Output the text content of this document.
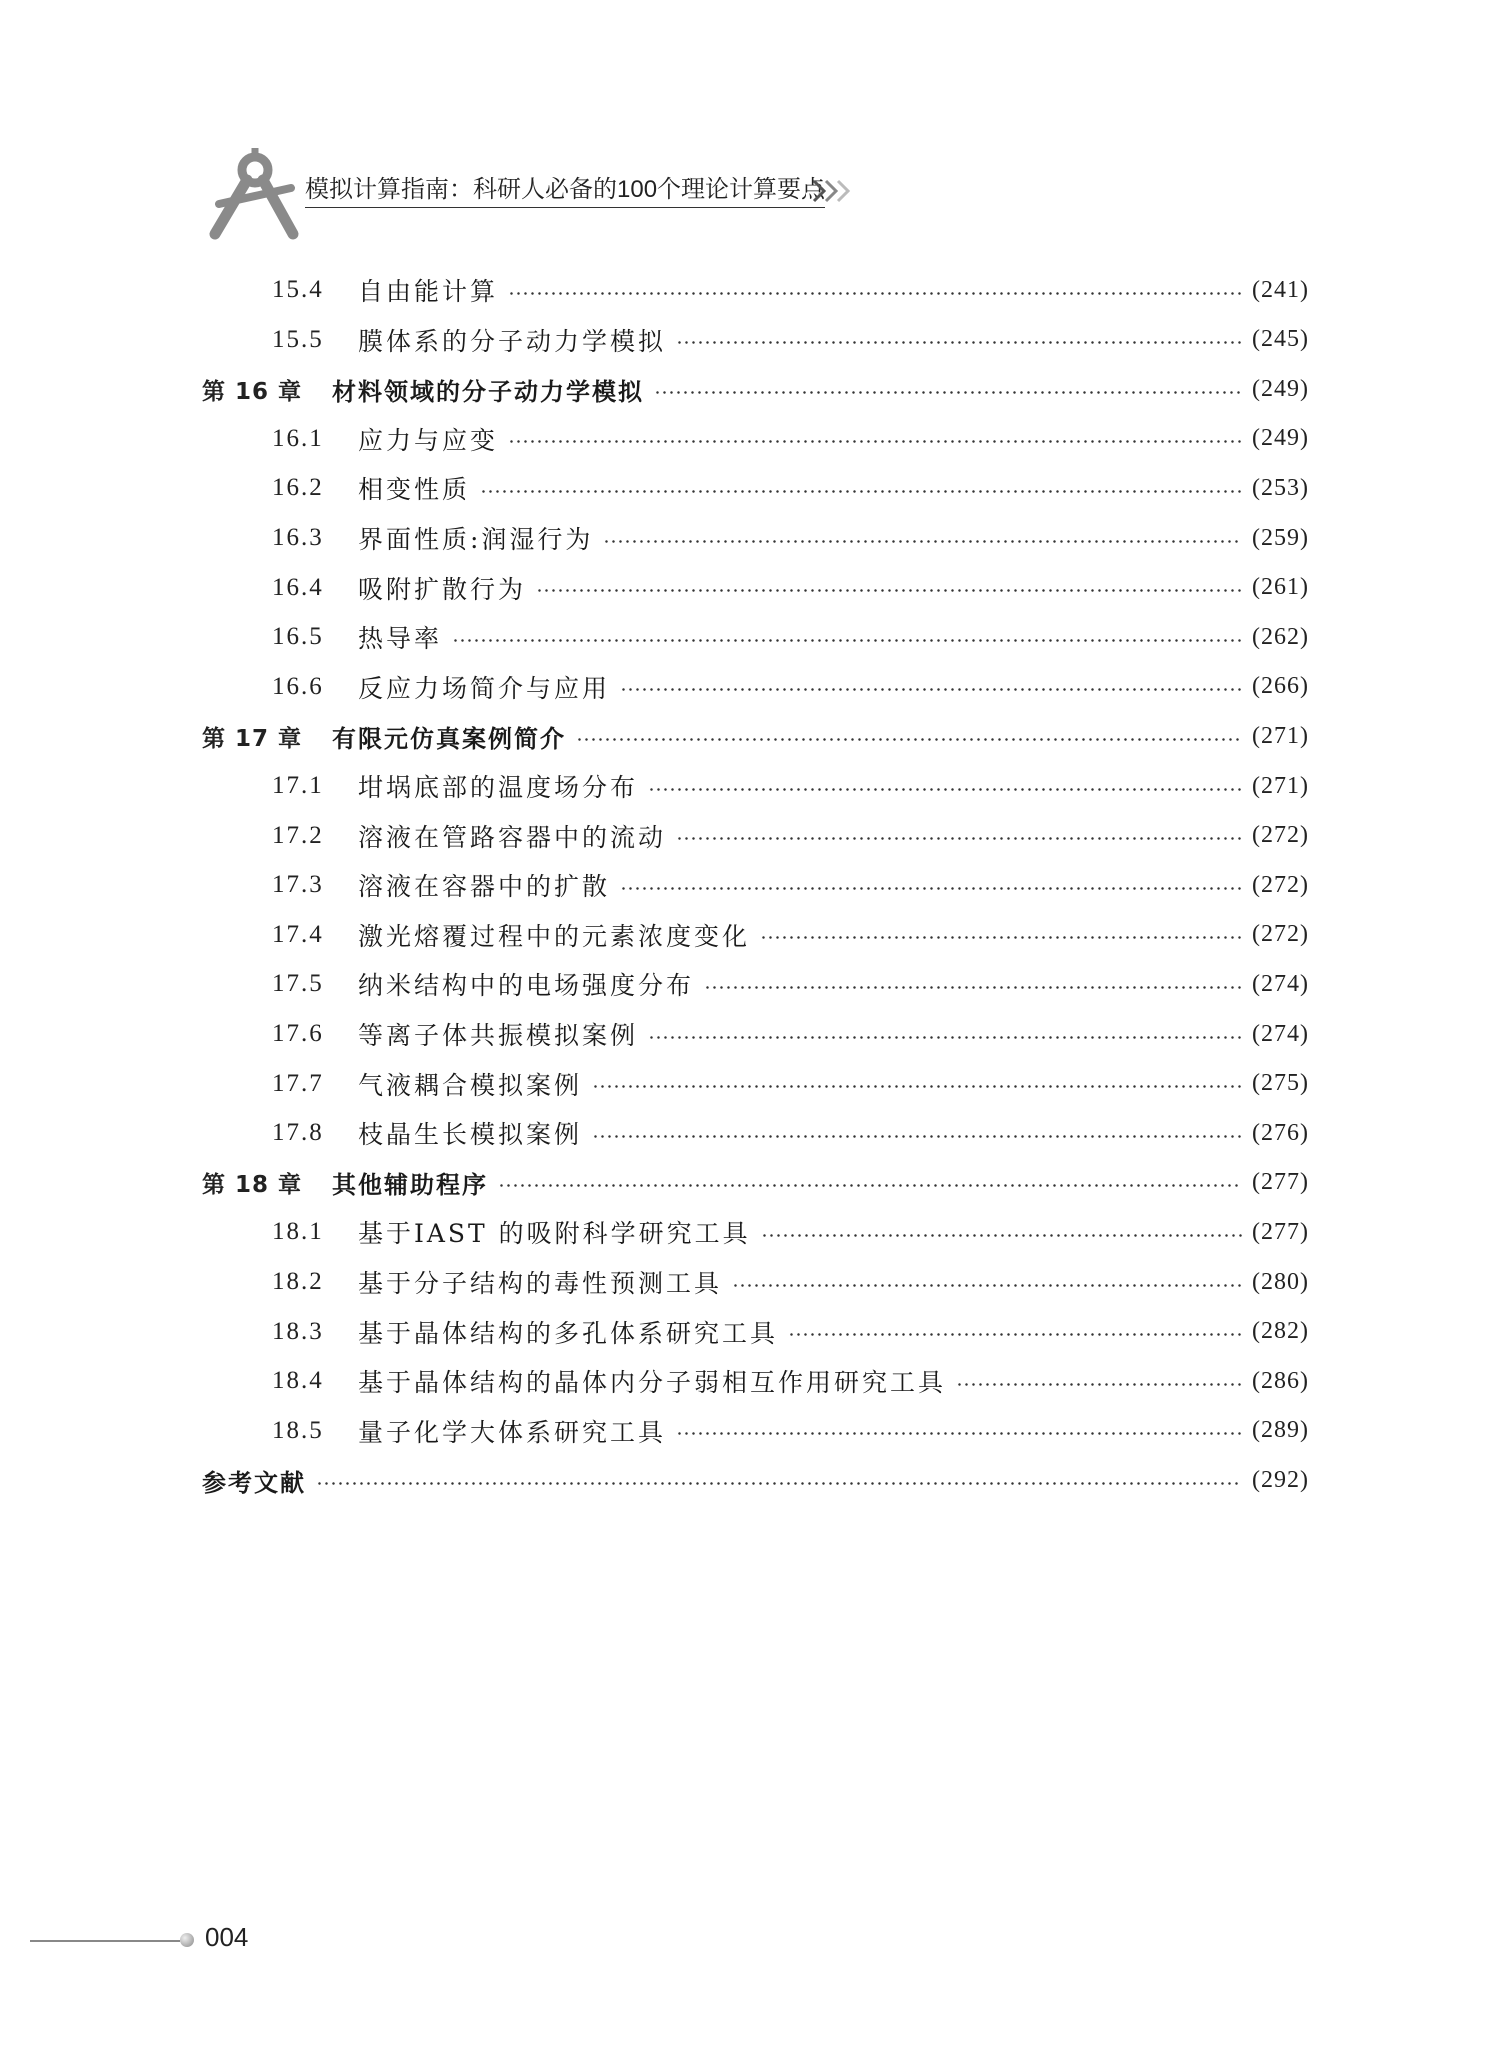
模拟计算指南：科研人必备的100个理论计算要点
15.4	自由能计算	(241)
15.5	膜体系的分子动力学模拟	(245)
第 16 章 材料领域的分子动力学模拟	(249)
16.1	应力与应变	(249)
16.2	相变性质	(253)
16.3	界面性质:润湿行为	(259)
16.4	吸附扩散行为	(261)
16.5	热导率	(262)
16.6	反应力场简介与应用	(266)
第 17 章 有限元仿真案例简介	(271)
17.1	坩埚底部的温度场分布	(271)
17.2	溶液在管路容器中的流动	(272)
17.3	溶液在容器中的扩散	(272)
17.4	激光熔覆过程中的元素浓度变化	(272)
17.5	纳米结构中的电场强度分布	(274)
17.6	等离子体共振模拟案例	(274)
17.7	气液耦合模拟案例	(275)
17.8	枝晶生长模拟案例	(276)
第 18 章 其他辅助程序	(277)
18.1	基于IAST 的吸附科学研究工具	(277)
18.2	基于分子结构的毒性预测工具	(280)
18.3	基于晶体结构的多孔体系研究工具	(282)
18.4	基于晶体结构的晶体内分子弱相互作用研究工具	(286)
18.5	量子化学大体系研究工具	(289)
参考文献	(292)
004
